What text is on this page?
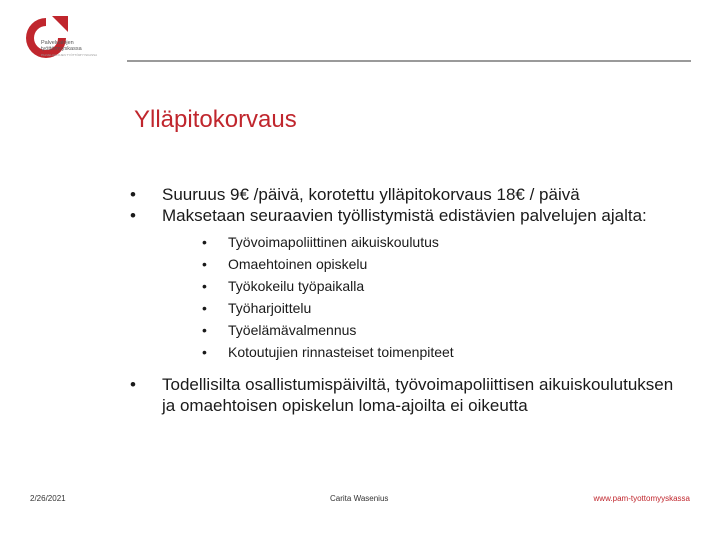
Palvelualojen
työttömyyskassa
PALVELUALOJEN TYÖTTÖMYYSKASSA
Ylläpitokorvaus
• Suuruus 9€ /päivä, korotettu ylläpitokorvaus 18€ / päivä
• Maksetaan seuraavien työllistymistä edistävien palvelujen ajalta:
• Työvoimapoliittinen aikuiskoulutus
• Omaehtoinen opiskelu
• Työkokeilu työpaikalla
• Työharjoittelu
• Työelämävalmennus
• Kotoutujien rinnasteiset toimenpiteet
• Todellisilta osallistumispäiviltä, työvoimapoliittisen aikuiskoulutuksen ja omaehtoisen opiskelun loma-ajoilta ei oikeutta
2/26/2021	Carita Wasenius	www.pam-tyottomyyskassa
